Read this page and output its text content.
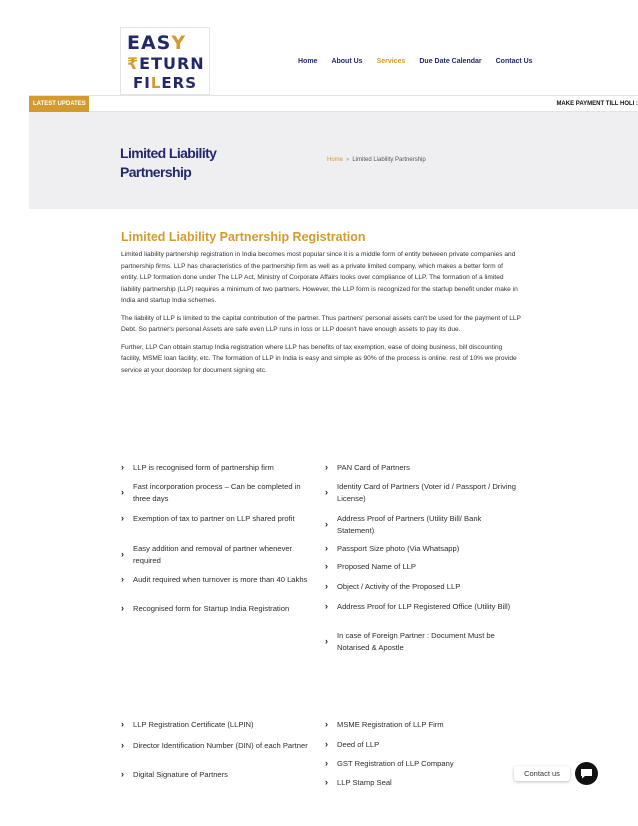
EASY
₹ETURN
FILERS
Home About Us Services Due Date Calendar Contact Us
LATEST UPDATES	MAKE PAYMENT TILL HOLI :
Limited Liability Partnership
Home » Limited Liability Partnership
Limited Liability Partnership Registration

Limited liability partnership registration in India becomes most popular since it is a middle form of entity between private companies and partnership firms. LLP has characteristics of the partnership firm as well as a private limited company, which makes a better form of entity. LLP formation done under The LLP Act, Ministry of Corporate Affairs looks over compliance of LLP. The formation of a limited liability partnership (LLP) requires a minimum of two partners. However, the LLP form is recognized for the startup benefit under make in India and startup India schemes.

The liability of LLP is limited to the capital contribution of the partner. Thus partners' personal assets can't be used for the payment of LLP Debt. So partner's personal Assets are safe even LLP runs in loss or LLP doesn't have enough assets to pay its due.

Further, LLP Can obtain startup India registration where LLP has benefits of tax exemption, ease of doing business, bill discounting facility, MSME loan facility, etc. The formation of LLP in India is easy and simple as 90% of the process is online. rest of 10% we provide service at your doorstep for document signing etc.

›	LLP is recognised form of partnership firm
›
Fast incorporation process – Can be completed in three days
›	Exemption of tax to partner on LLP shared profit
›
Easy addition and removal of partner whenever required
›	Audit required when turnover is more than 40 Lakhs
›	Recognised form for Startup India Registration
›	PAN Card of Partners
›
Identity Card of Partners (Voter id / Passport / Driving License)
›
Address Proof of Partners (Utility Bill/ Bank Statement)
›	Passport Size photo (Via Whatsapp)
›	Proposed Name of LLP
›	Object / Activity of the Proposed LLP
›	Address Proof for LLP Registered Office (Utility Bill)
›
In case of Foreign Partner : Document Must be Notarised & Apostle
›	LLP Registration Certificate (LLPIN)
›	Director Identification Number (DIN) of each Partner
›	Digital Signature of Partners
›	MSME Registration of LLP Firm
›	Deed of LLP
›	GST Registration of LLP Company
›	LLP Stamp Seal
Contact us
